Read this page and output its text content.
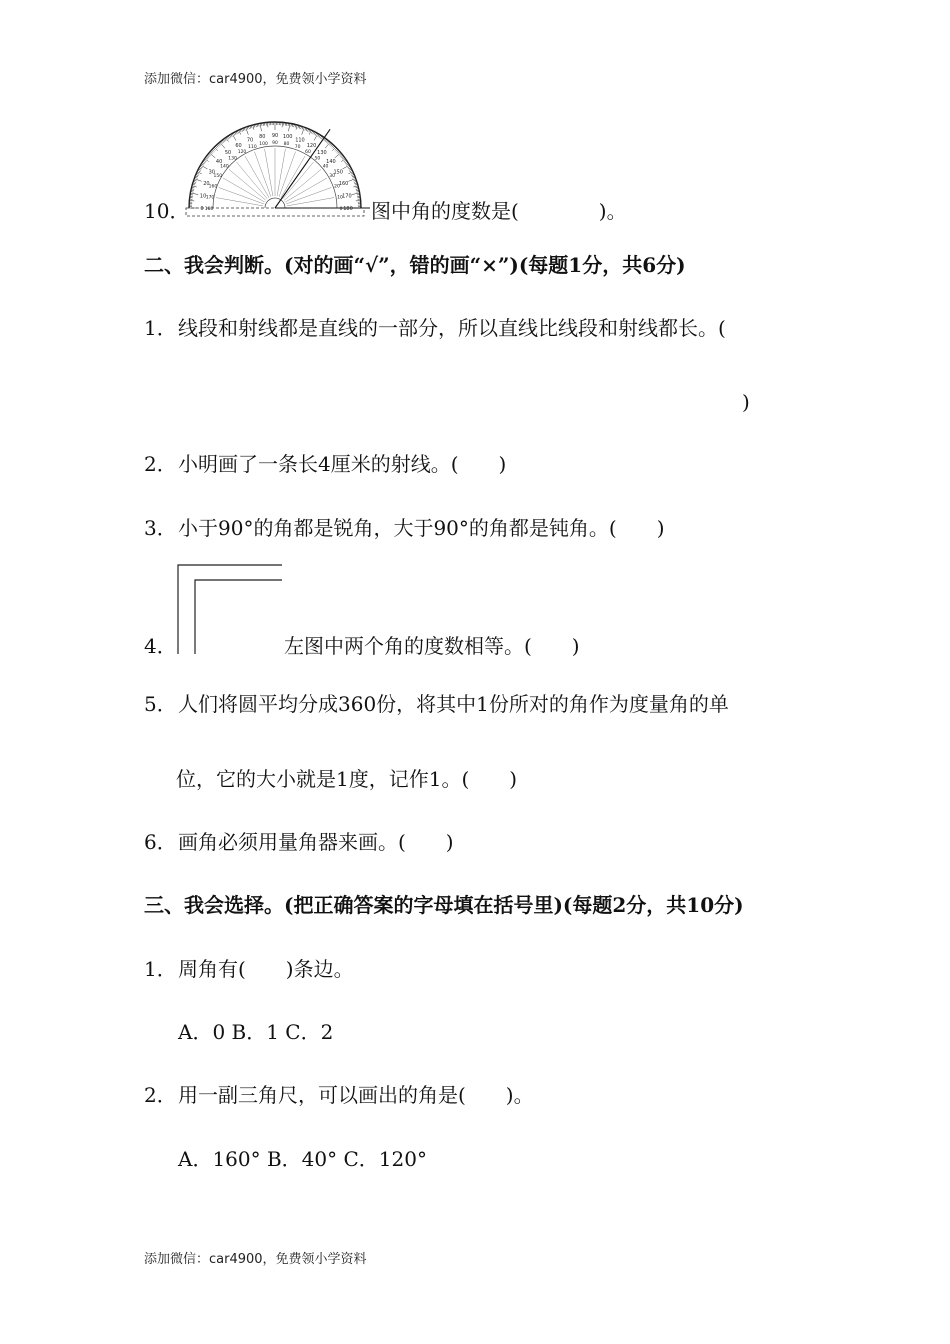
添加微信：car4900，免费领小学资料
0
10
20
30
40
50
60
70
80 90 100
110
120
130
140
150
160
170
180
180
170
160
150
140
130
120
110
100 90 80
70
60
50
40
30
20
10
0
10．	图中角的度数是(　　　　)。
二、我会判断。(对的画“√”，错的画“×”)(每题1分，共6分)
1． 线段和射线都是直线的一部分，所以直线比线段和射线都长。(
)
2． 小明画了一条长4厘米的射线。(　　)
3． 小于90°的角都是锐角，大于90°的角都是钝角。(　　)
4．	左图中两个角的度数相等。(　　)
5． 人们将圆平均分成360份，将其中1份所对的角作为度量角的单
位，它的大小就是1度，记作1。(　　)
6． 画角必须用量角器来画。(　　)
三、我会选择。(把正确答案的字母填在括号里)(每题2分，共10分)
1． 周角有(　　)条边。
A．0 B．1 C．2
2． 用一副三角尺，可以画出的角是(　　)。
A．160° B．40° C．120°
添加微信：car4900，免费领小学资料
